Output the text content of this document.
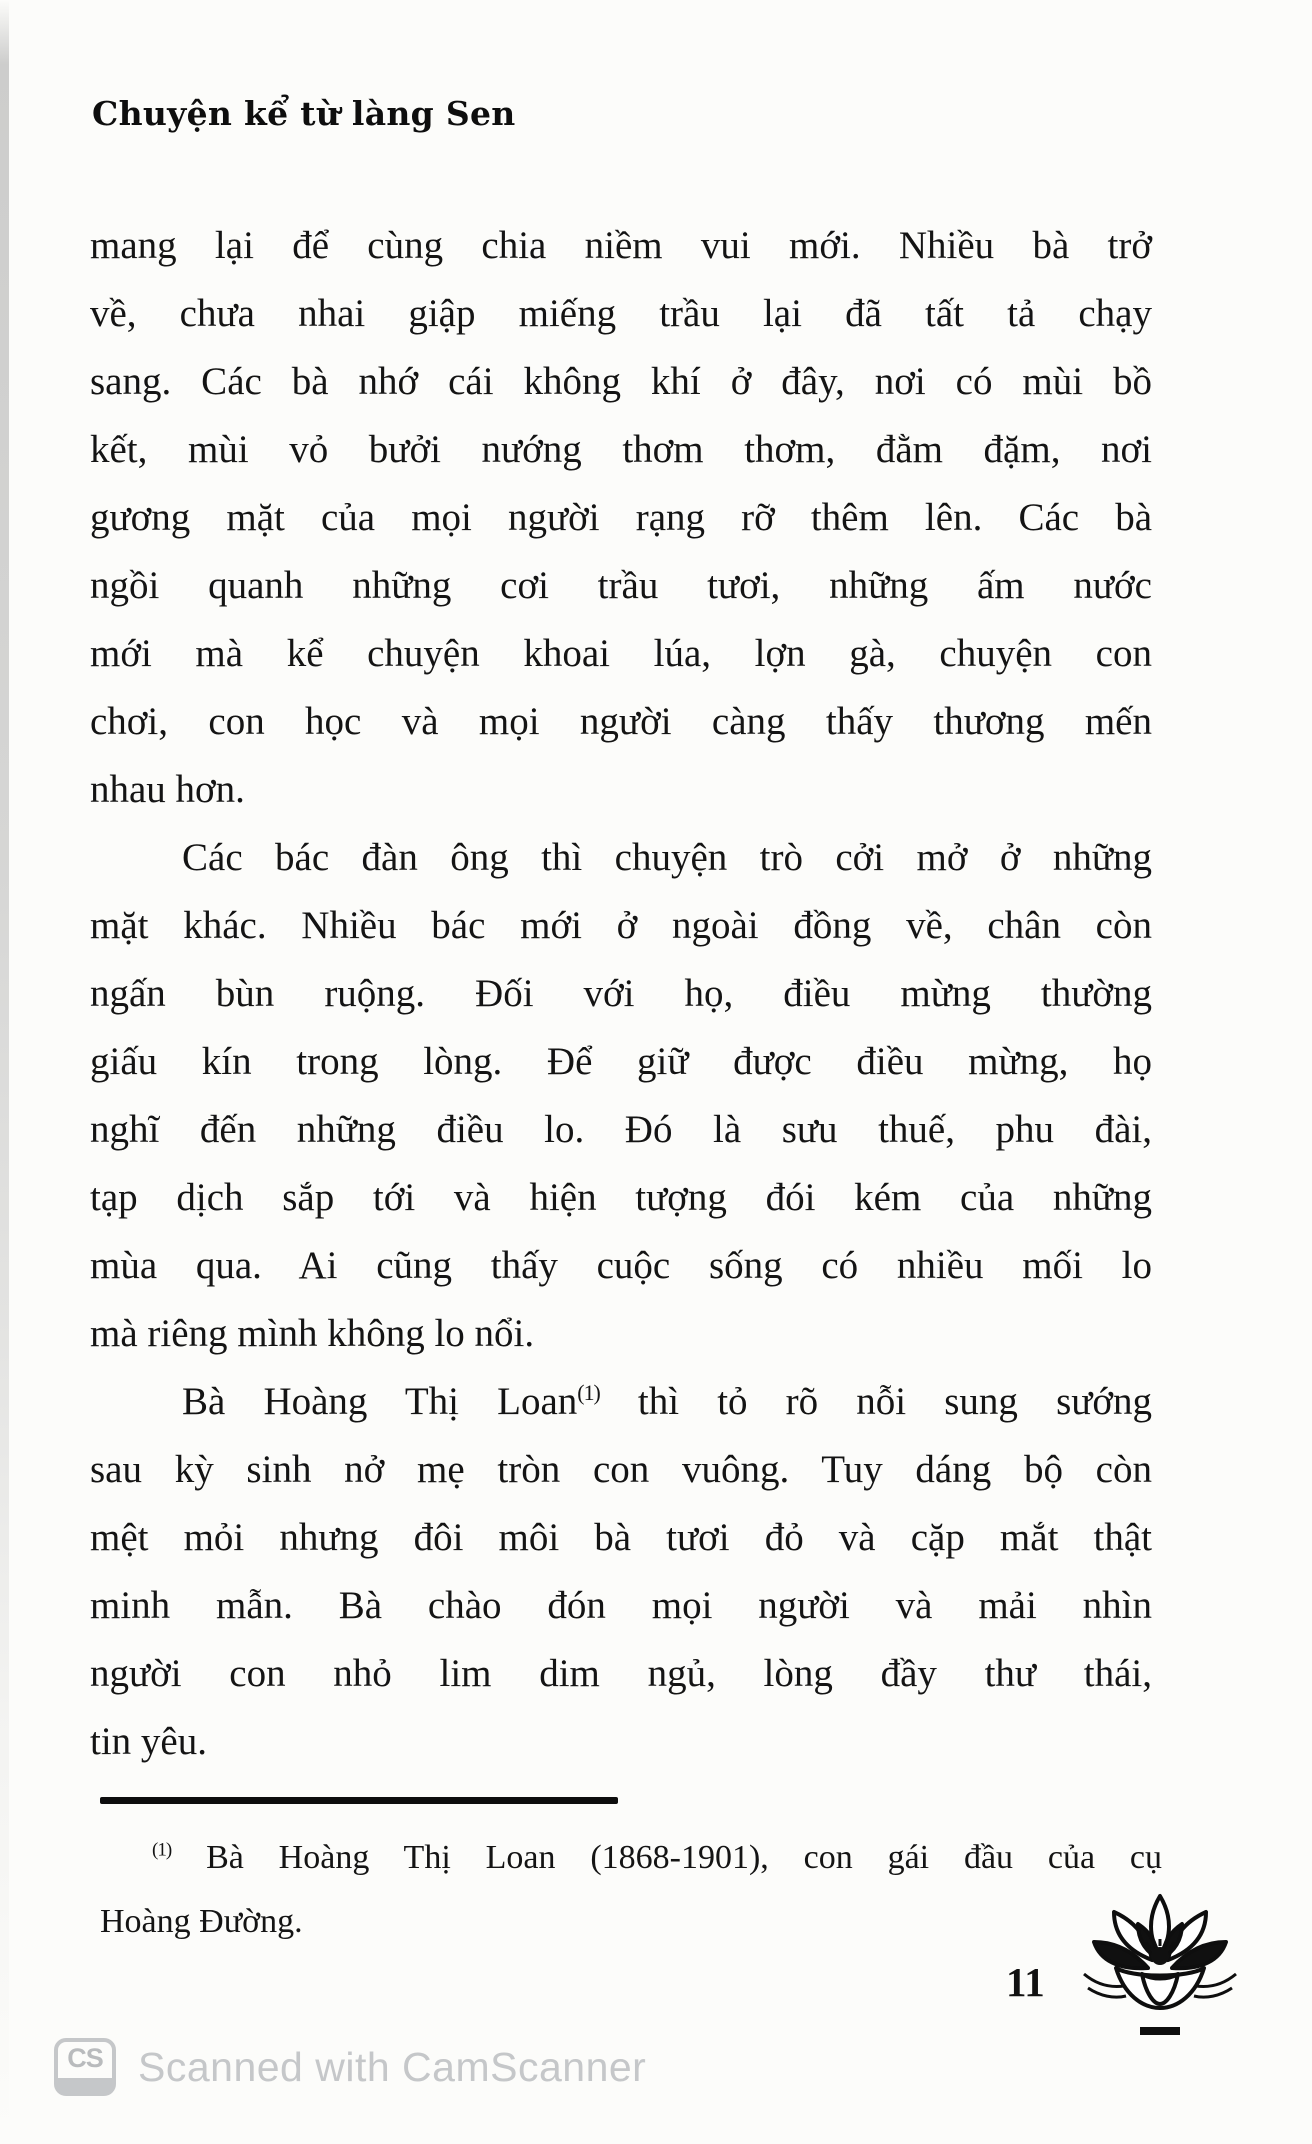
Chuyện kể từ làng Sen
mang lại để cùng chia niềm vui mới. Nhiều bà trở
về, chưa nhai giập miếng trầu lại đã tất tả chạy
sang. Các bà nhớ cái không khí ở đây, nơi có mùi bồ
kết, mùi vỏ bưởi nướng thơm thơm, đằm đặm, nơi
gương mặt của mọi người rạng rỡ thêm lên. Các bà
ngồi quanh những cơi trầu tươi, những ấm nước
mới mà kể chuyện khoai lúa, lợn gà, chuyện con
chơi, con học và mọi người càng thấy thương mến
nhau hơn.
Các bác đàn ông thì chuyện trò cởi mở ở những
mặt khác. Nhiều bác mới ở ngoài đồng về, chân còn
ngấn bùn ruộng. Đối với họ, điều mừng thường
giấu kín trong lòng. Để giữ được điều mừng, họ
nghĩ đến những điều lo. Đó là sưu thuế, phu đài,
tạp dịch sắp tới và hiện tượng đói kém của những
mùa qua. Ai cũng thấy cuộc sống có nhiều mối lo
mà riêng mình không lo nổi.
Bà Hoàng Thị Loan$^{(1)}$ thì tỏ rõ nỗi sung sướng
sau kỳ sinh nở mẹ tròn con vuông. Tuy dáng bộ còn
mệt mỏi nhưng đôi môi bà tươi đỏ và cặp mắt thật
minh mẫn. Bà chào đón mọi người và mải nhìn
người con nhỏ lim dim ngủ, lòng đầy thư thái,
tin yêu.
$^{(1)}$ Bà Hoàng Thị Loan (1868-1901), con gái đầu của cụ
Hoàng Đường.
11
CS Scanned with CamScanner
